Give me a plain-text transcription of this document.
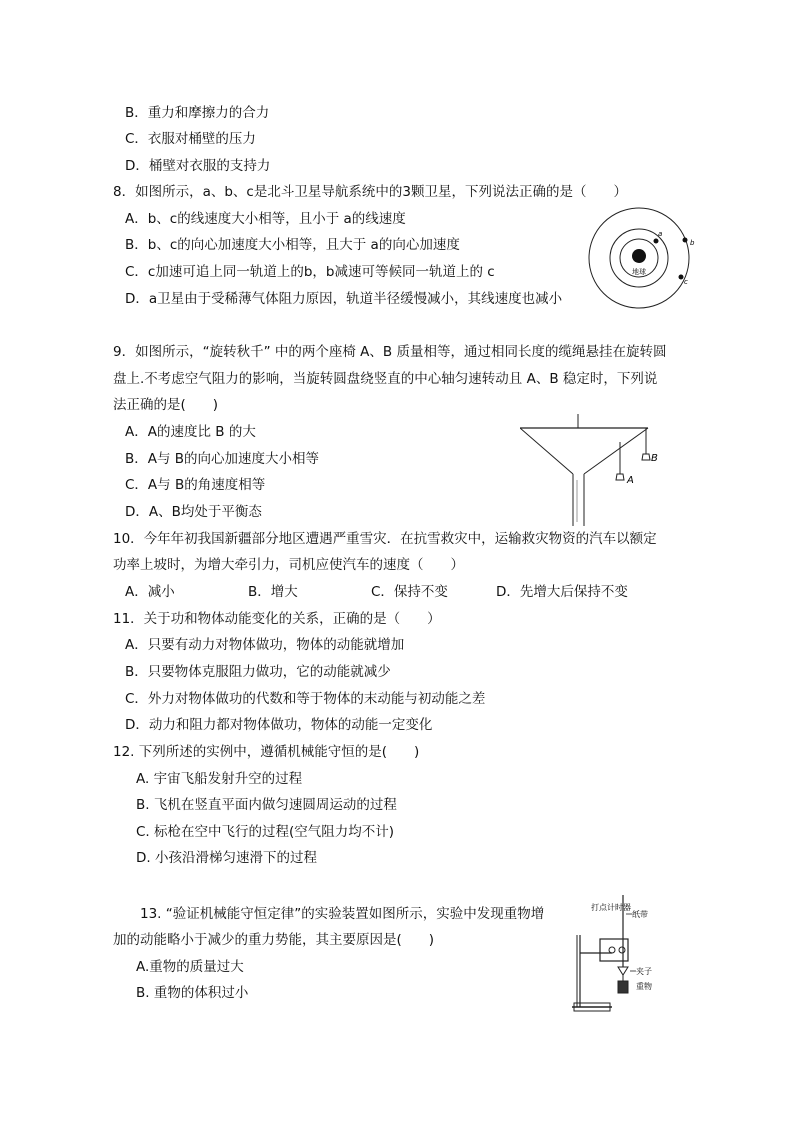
B．重力和摩擦力的合力
C．衣服对桶壁的压力
D．桶壁对衣服的支持力
8．如图所示，a、b、c是北斗卫星导航系统中的3颗卫星，下列说法正确的是（　　）
A．b、c的线速度大小相等，且小于 a的线速度
B．b、c的向心加速度大小相等，且大于 a的向心加速度
C．c加速可追上同一轨道上的b，b减速可等候同一轨道上的 c
D．a卫星由于受稀薄气体阻力原因，轨道半径缓慢减小，其线速度也减小
地球
a
b
c
9．如图所示，“旋转秋千” 中的两个座椅 A、B 质量相等，通过相同长度的缆绳悬挂在旋转圆
盘上.不考虑空气阻力的影响，当旋转圆盘绕竖直的中心轴匀速转动且 A、B 稳定时，下列说
法正确的是(　　)
A．A的速度比 B 的大
B．A与 B的向心加速度大小相等
C．A与 B的角速度相等
D．A、B均处于平衡态
A
B
10．今年年初我国新疆部分地区遭遇严重雪灾．在抗雪救灾中，运输救灾物资的汽车以额定
功率上坡时，为增大牵引力，司机应使汽车的速度（　　）
A．减小	B．增大	C．保持不变	D．先增大后保持不变
11．关于功和物体动能变化的关系，正确的是（　　）
A．只要有动力对物体做功，物体的动能就增加
B．只要物体克服阻力做功，它的动能就减少
C．外力对物体做功的代数和等于物体的末动能与初动能之差
D．动力和阻力都对物体做功，物体的动能一定变化
12. 下列所述的实例中，遵循机械能守恒的是(　　)
A. 宇宙飞船发射升空的过程
B. 飞机在竖直平面内做匀速圆周运动的过程
C. 标枪在空中飞行的过程(空气阻力均不计)
D. 小孩沿滑梯匀速滑下的过程
13. “验证机械能守恒定律”的实验装置如图所示，实验中发现重物增
加的动能略小于减少的重力势能，其主要原因是(　　)
A.重物的质量过大
B. 重物的体积过小
打点计时器
纸带
夹子
重物
